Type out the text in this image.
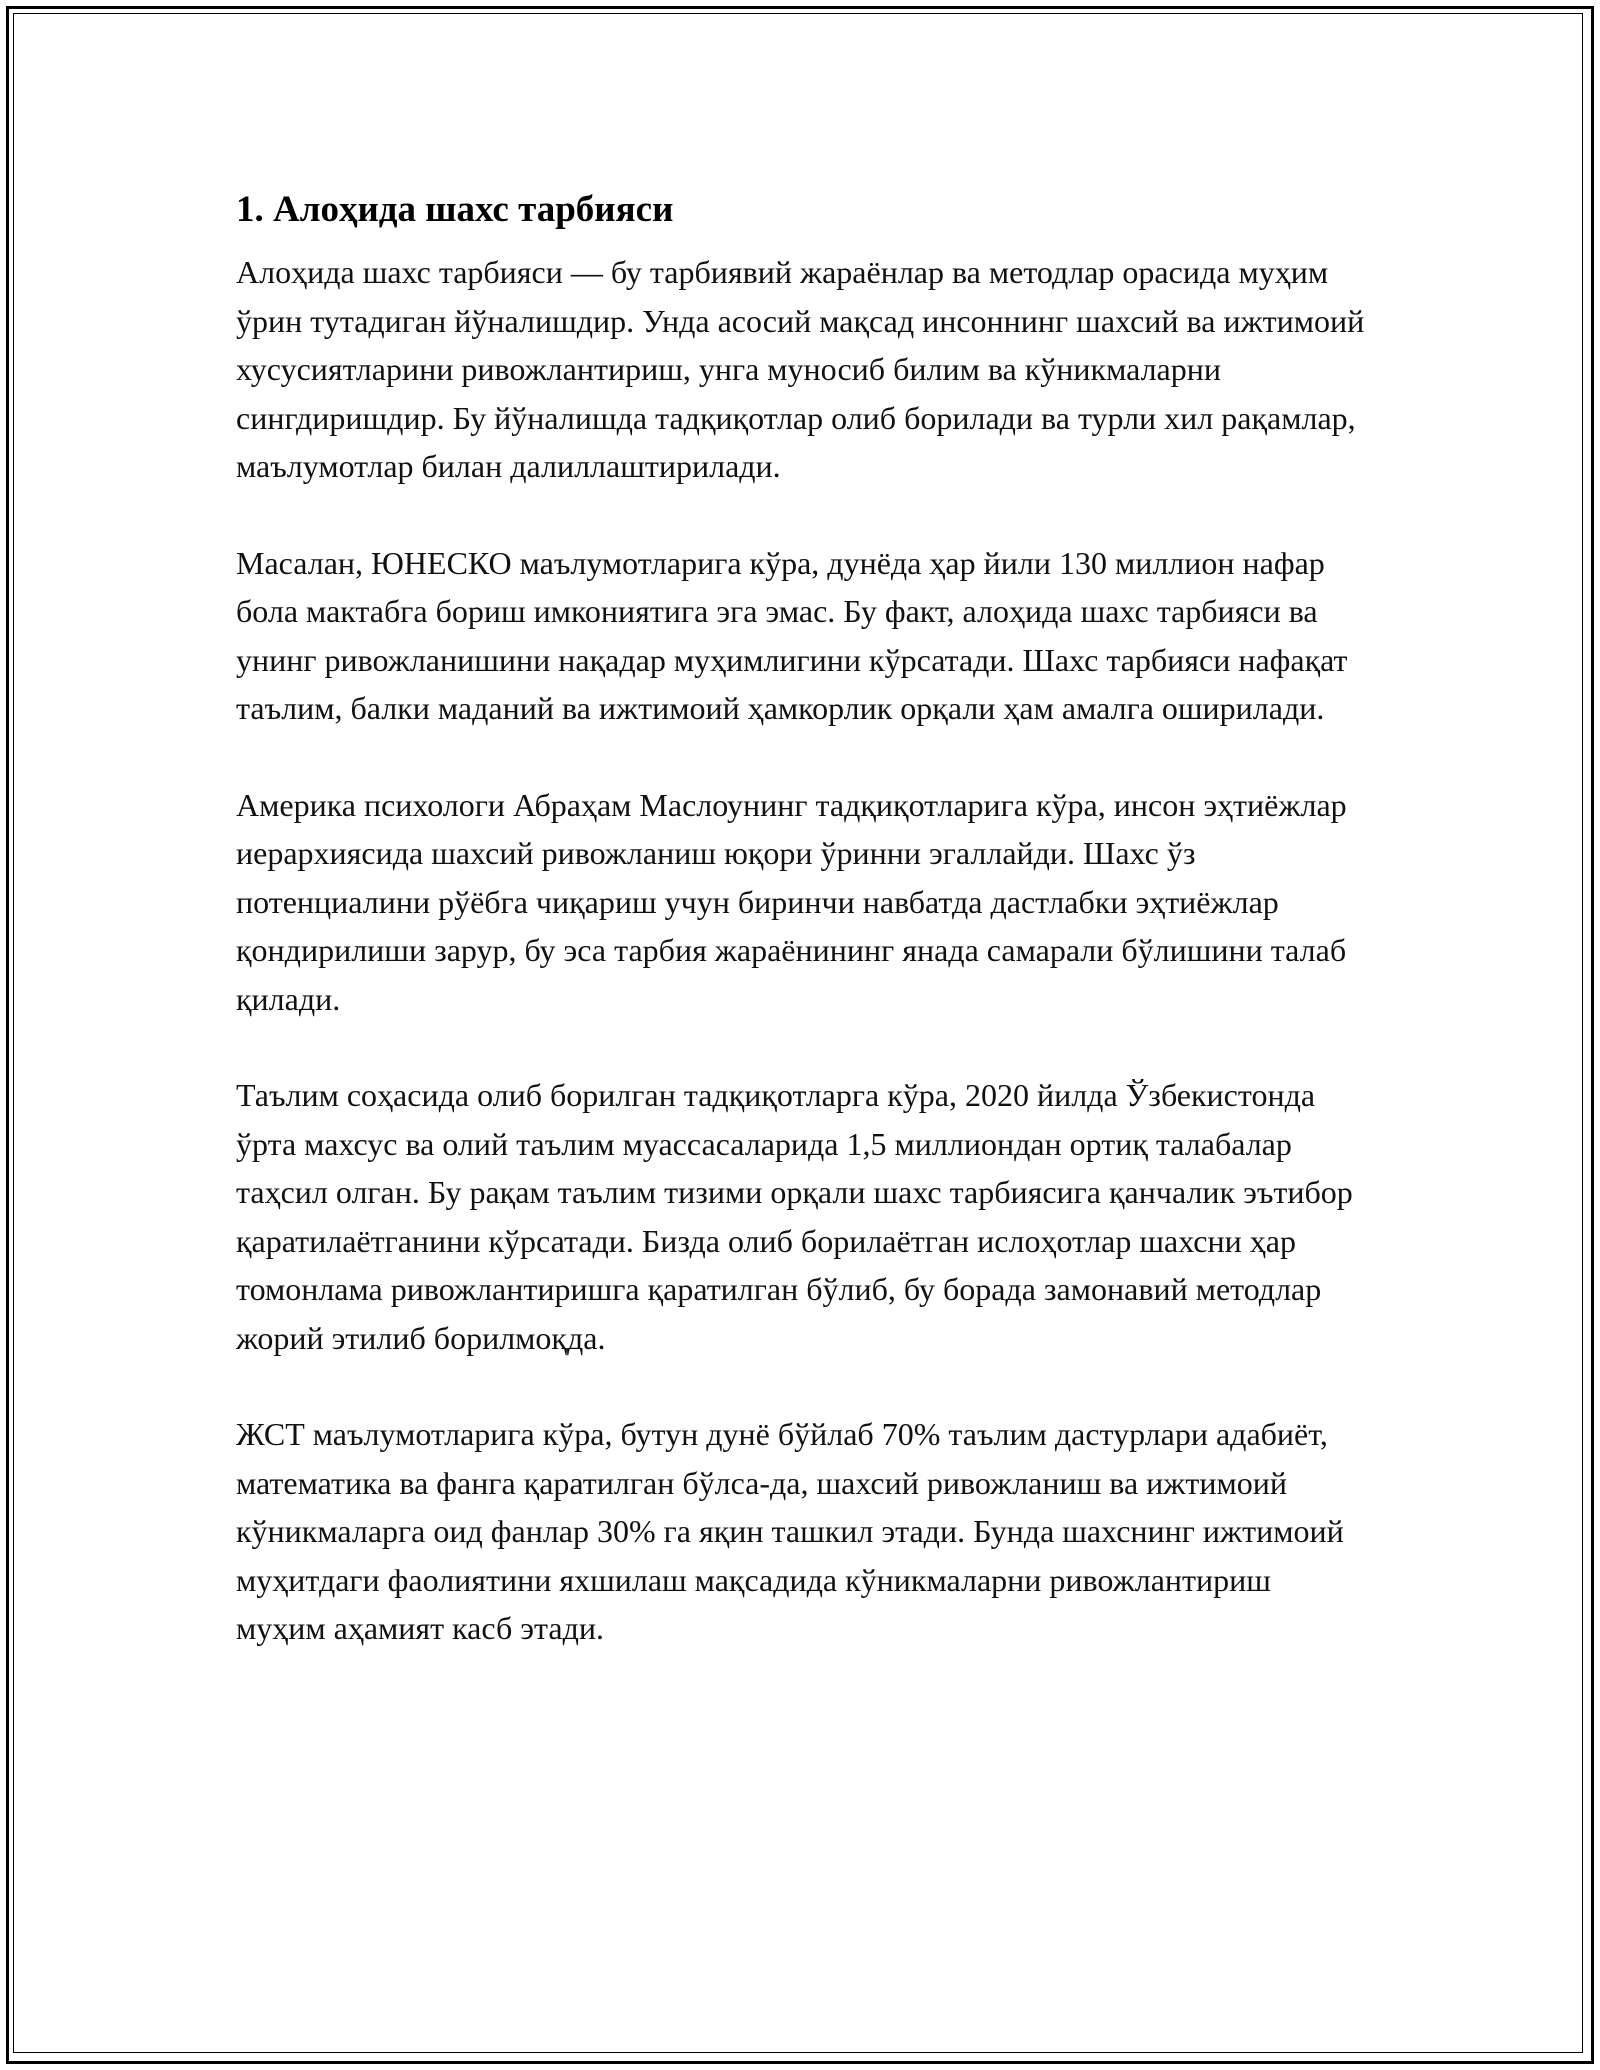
1. Алоҳида шахс тарбияси

Алоҳида шахс тарбияси — бу тарбиявий жараёнлар ва методлар орасида муҳим ўрин тутадиган йўналишдир. Унда асосий мақсад инсоннинг шахсий ва ижтимоий хусусиятларини ривожлантириш, унга муносиб билим ва кўникмаларни сингдиришдир. Бу йўналишда тадқиқотлар олиб борилади ва турли хил рақамлар, маълумотлар билан далиллаштирилади.

Масалан, ЮНЕСКО маълумотларига кўра, дунёда ҳар йили 130 миллион нафар бола мактабга бориш имкониятига эга эмас. Бу факт, алоҳида шахс тарбияси ва унинг ривожланишини нақадар муҳимлигини кўрсатади. Шахс тарбияси нафақат таълим, балки маданий ва ижтимоий ҳамкорлик орқали ҳам амалга оширилади.

Америка психологи Абраҳам Маслоунинг тадқиқотларига кўра, инсон эҳтиёжлар иерархиясида шахсий ривожланиш юқори ўринни эгаллайди. Шахс ўз потенциалини рўёбга чиқариш учун биринчи навбатда дастлабки эҳтиёжлар қондирилиши зарур, бу эса тарбия жараёнининг янада самарали бўлишини талаб қилади.

Таълим соҳасида олиб борилган тадқиқотларга кўра, 2020 йилда Ўзбекистонда ўрта махсус ва олий таълим муассасаларида 1,5 миллиондан ортиқ талабалар таҳсил олган. Бу рақам таълим тизими орқали шахс тарбиясига қанчалик эътибор қаратилаётганини кўрсатади. Бизда олиб борилаётган ислоҳотлар шахсни ҳар томонлама ривожлантиришга қаратилган бўлиб, бу борада замонавий методлар жорий этилиб борилмоқда.

ЖСТ маълумотларига кўра, бутун дунё бўйлаб 70% таълим дастурлари адабиёт, математика ва фанга қаратилган бўлса-да, шахсий ривожланиш ва ижтимоий кўникмаларга оид фанлар 30% га яқин ташкил этади. Бунда шахснинг ижтимоий муҳитдаги фаолиятини яхшилаш мақсадида кўникмаларни ривожлантириш муҳим аҳамият касб этади.
